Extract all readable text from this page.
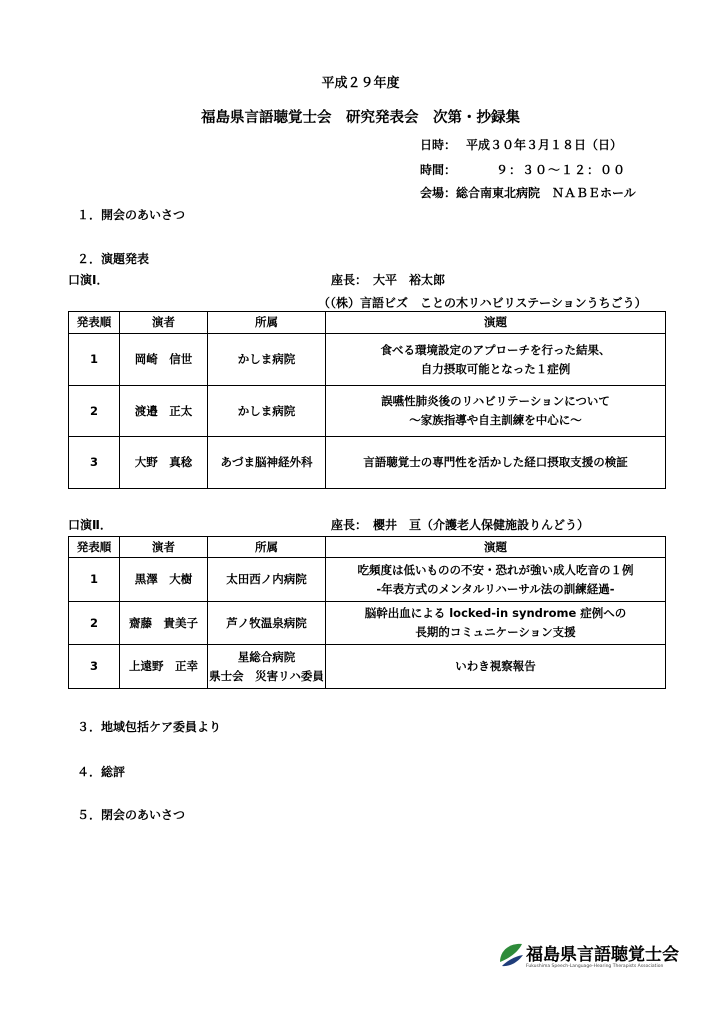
平成２９年度
福島県言語聴覚士会　研究発表会　次第・抄録集
日時： 平成３０年３月１８日（日）
時間：	９：３０～１２：００
会場：総合南東北病院　ＮＡＢＥホール
１．開会のあいさつ
２．演題発表
口演Ⅰ．	座長：　大平　裕太郎
（（株）言語ビズ　ことの木リハビリステーションうちごう）
発表順	演者	所属	演題
1	岡崎　信世	かしま病院	食べる環境設定のアプローチを行った結果、
自力摂取可能となった１症例

2	渡邉　正太	かしま病院	誤嚥性肺炎後のリハビリテーションについて
～家族指導や自主訓練を中心に～

3	大野　真稔	あづま脳神経外科	言語聴覚士の専門性を活かした経口摂取支援の検証
口演Ⅱ．	座長：　櫻井　亘（介護老人保健施設りんどう）
発表順	演者	所属	演題
1	黒澤　大樹	太田西ノ内病院	吃頻度は低いものの不安・恐れが強い成人吃音の１例
-年表方式のメンタルリハーサル法の訓練経過-

2	齋藤　貴美子	芦ノ牧温泉病院	脳幹出血による locked-in syndrome 症例への
長期的コミュニケーション支援

3	上遠野　正幸	星総合病院
県士会　災害リハ委員	いわき視察報告
３．地域包括ケア委員より
４．総評
５．閉会のあいさつ
福島県言語聴覚士会
Fukushima Speech-Language-Hearing Therapists Association
